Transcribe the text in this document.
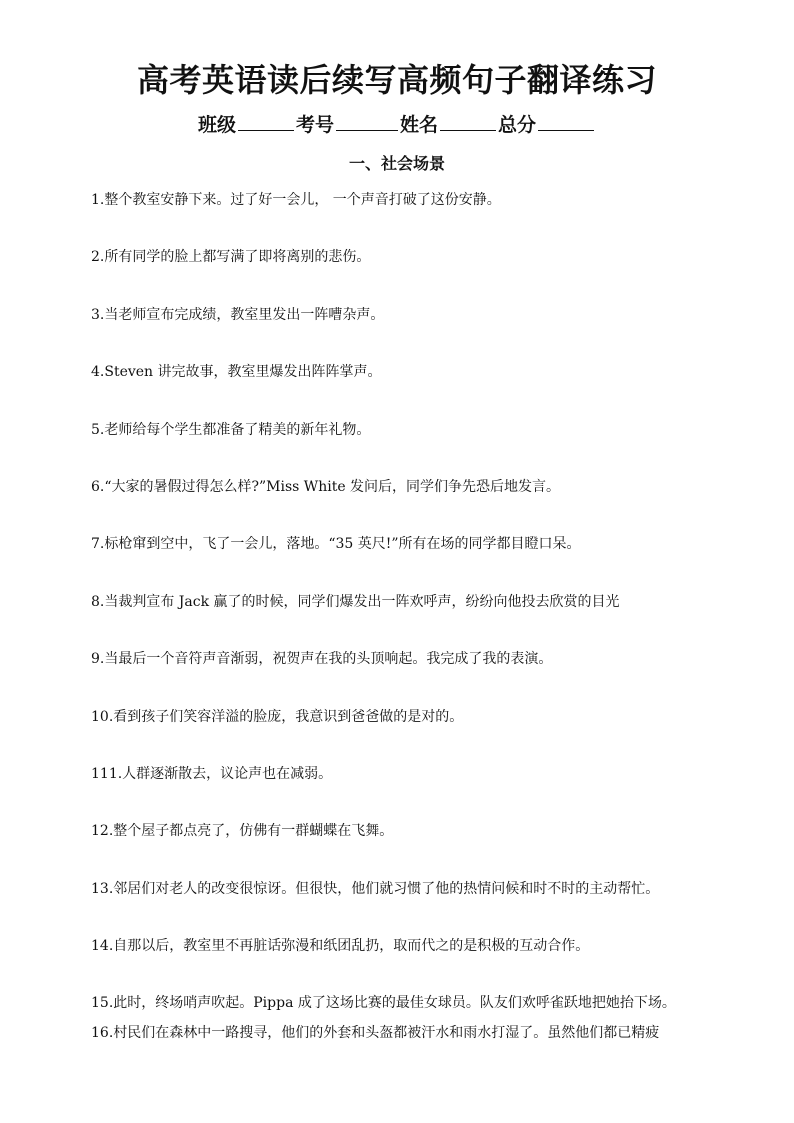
高考英语读后续写高频句子翻译练习
班级	考号	姓名	总分
一、社会场景
1.整个教室安静下来。过了好一会儿， 一个声音打破了这份安静。
2.所有同学的脸上都写满了即将离别的悲伤。
3.当老师宣布完成绩，教室里发出一阵嘈杂声。
4.Steven 讲完故事，教室里爆发出阵阵掌声。
5.老师给每个学生都准备了精美的新年礼物。
6.“大家的暑假过得怎么样?”Miss White 发问后，同学们争先恐后地发言。
7.标枪窜到空中，飞了一会儿，落地。“35 英尺!”所有在场的同学都目瞪口呆。
8.当裁判宣布 Jack 赢了的时候，同学们爆发出一阵欢呼声，纷纷向他投去欣赏的目光
9.当最后一个音符声音渐弱，祝贺声在我的头顶响起。我完成了我的表演。
10.看到孩子们笑容洋溢的脸庞，我意识到爸爸做的是对的。
111.人群逐渐散去，议论声也在减弱。
12.整个屋子都点亮了，仿佛有一群蝴蝶在飞舞。
13.邻居们对老人的改变很惊讶。但很快，他们就习惯了他的热情问候和时不时的主动帮忙。
14.自那以后，教室里不再脏话弥漫和纸团乱扔，取而代之的是积极的互动合作。
15.此时，终场哨声吹起。Pippa 成了这场比赛的最佳女球员。队友们欢呼雀跃地把她抬下场。
16.村民们在森林中一路搜寻，他们的外套和头盔都被汗水和雨水打湿了。虽然他们都已精疲
